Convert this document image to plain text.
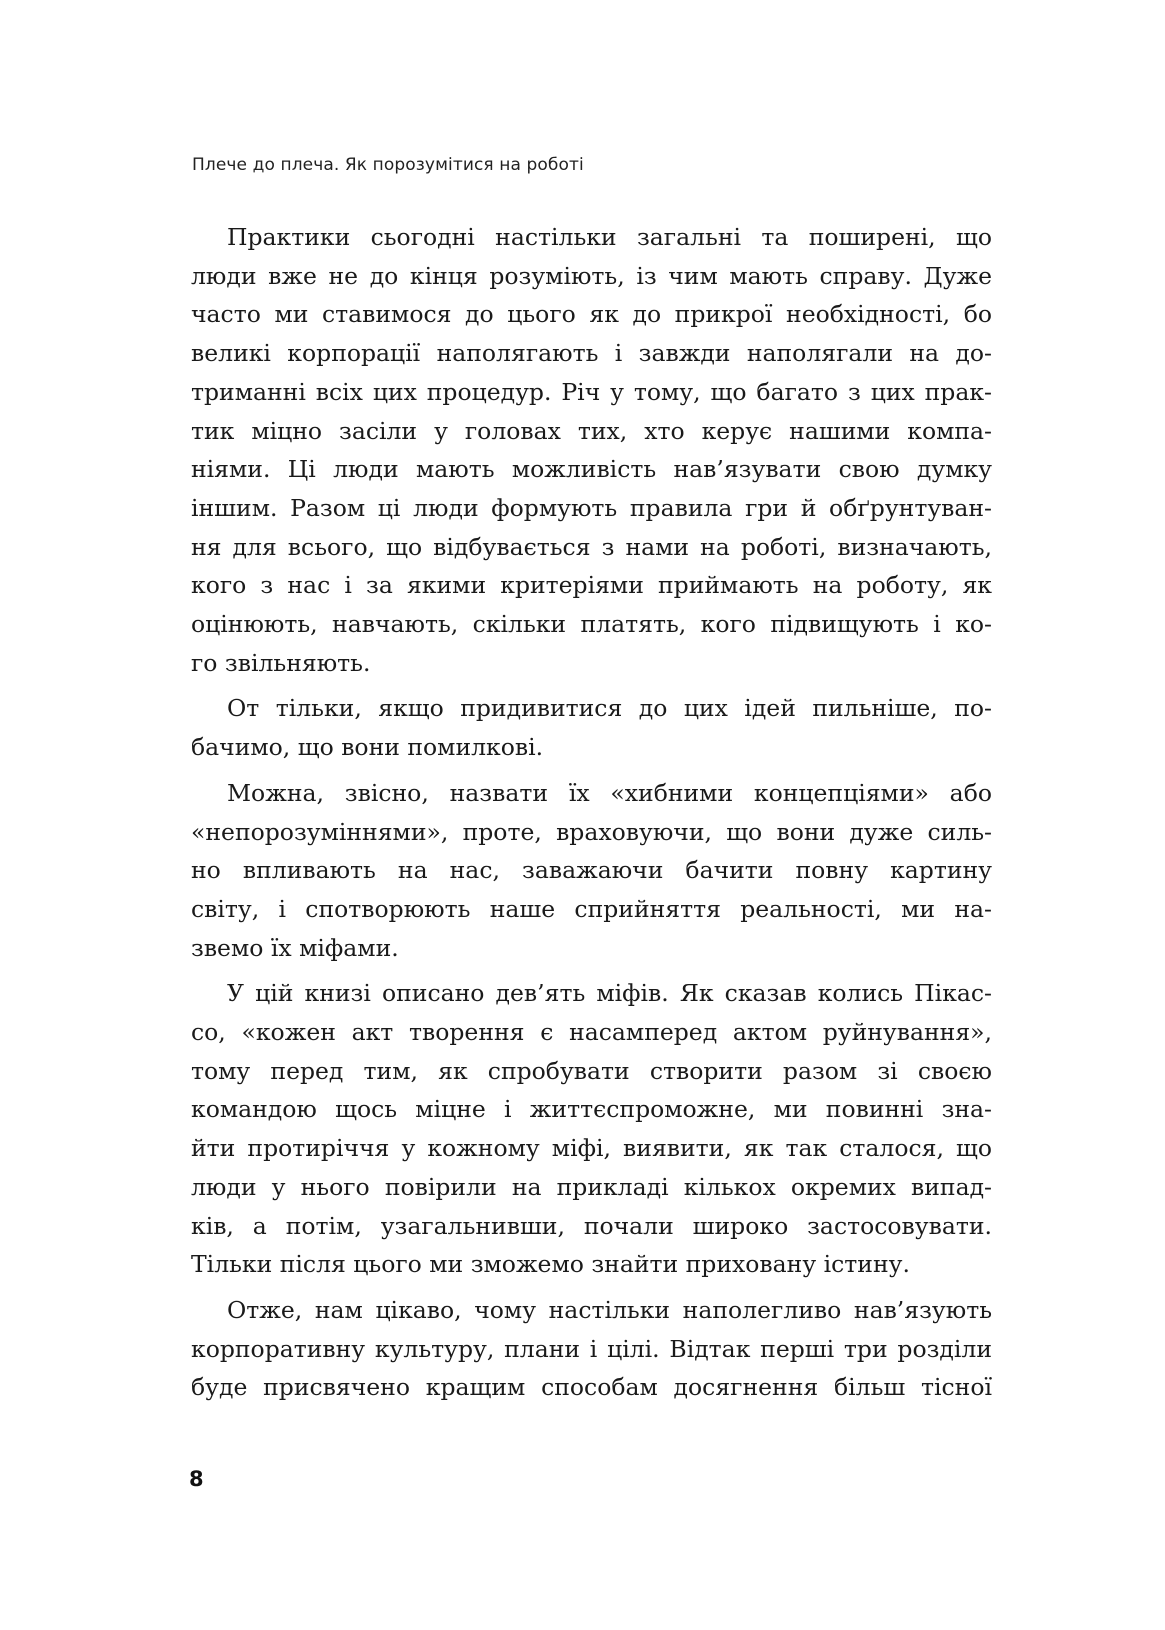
Плече до плеча. Як порозумітися на роботі

Практики сьогодні настільки загальні та поширені, що
люди вже не до кінця розуміють, із чим мають справу. Дуже
часто ми ставимося до цього як до прикрої необхідності, бо
великі корпорації наполягають і завжди наполягали на до-
триманні всіх цих процедур. Річ у тому, що багато з цих прак-
тик міцно засіли у головах тих, хто керує нашими компа-
ніями. Ці люди мають можливість нав’язувати свою думку
іншим. Разом ці люди формують правила гри й обґрунтуван-
ня для всього, що відбувається з нами на роботі, визначають,
кого з нас і за якими критеріями приймають на роботу, як
оцінюють, навчають, скільки платять, кого підвищують і ко-
го звільняють.

От тільки, якщо придивитися до цих ідей пильніше, по-
бачимо, що вони помилкові.

Можна, звісно, назвати їх «хибними концепціями» або
«непорозуміннями», проте, враховуючи, що вони дуже силь-
но впливають на нас, заважаючи бачити повну картину
світу, і спотворюють наше сприйняття реальності, ми на-
звемо їх міфами.

У цій книзі описано дев’ять міфів. Як сказав колись Пікас-
со, «кожен акт творення є насамперед актом руйнування»,
тому перед тим, як спробувати створити разом зі своєю
командою щось міцне і життєспроможне, ми повинні зна-
йти протиріччя у кожному міфі, виявити, як так сталося, що
люди у нього повірили на прикладі кількох окремих випад-
ків, а потім, узагальнивши, почали широко застосовувати.
Тільки після цього ми зможемо знайти приховану істину.

Отже, нам цікаво, чому настільки наполегливо нав’язують
корпоративну культуру, плани і цілі. Відтак перші три розділи
буде присвячено кращим способам досягнення більш тісної

8
